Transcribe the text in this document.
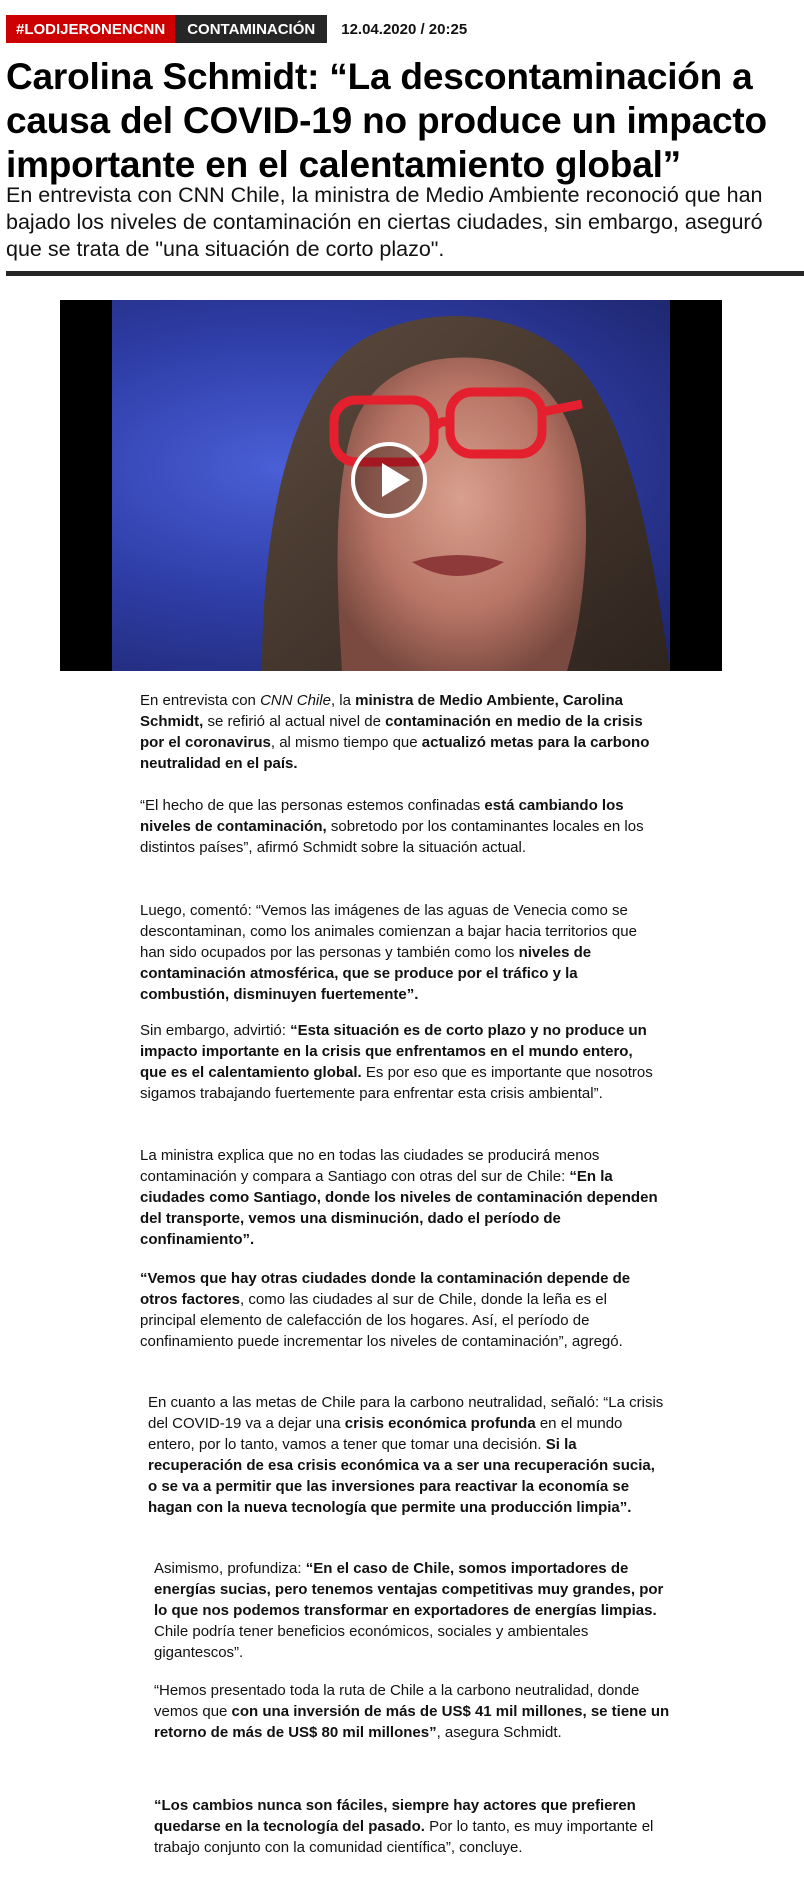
#LODIJERONENCNN	CONTAMINACIÓN	12.04.2020 / 20:25
Carolina Schmidt: “La descontaminación a causa del COVID-19 no produce un impacto importante en el calentamiento global”

En entrevista con CNN Chile, la ministra de Medio Ambiente reconoció que han bajado los niveles de contaminación en ciertas ciudades, sin embargo, aseguró que se trata de "una situación de corto plazo".

En entrevista con CNN Chile, la ministra de Medio Ambiente, Carolina Schmidt, se refirió al actual nivel de contaminación en medio de la crisis por el coronavirus, al mismo tiempo que actualizó metas para la carbono neutralidad en el país.

“El hecho de que las personas estemos confinadas está cambiando los niveles de contaminación, sobretodo por los contaminantes locales en los distintos países”, afirmó Schmidt sobre la situación actual.

Luego, comentó: “Vemos las imágenes de las aguas de Venecia como se descontaminan, como los animales comienzan a bajar hacia territorios que han sido ocupados por las personas y también como los niveles de contaminación atmosférica, que se produce por el tráfico y la combustión, disminuyen fuertemente”.

Sin embargo, advirtió: “Esta situación es de corto plazo y no produce un impacto importante en la crisis que enfrentamos en el mundo entero, que es el calentamiento global. Es por eso que es importante que nosotros sigamos trabajando fuertemente para enfrentar esta crisis ambiental”.

La ministra explica que no en todas las ciudades se producirá menos contaminación y compara a Santiago con otras del sur de Chile: “En la ciudades como Santiago, donde los niveles de contaminación dependen del transporte, vemos una disminución, dado el período de confinamiento”.

“Vemos que hay otras ciudades donde la contaminación depende de otros factores, como las ciudades al sur de Chile, donde la leña es el principal elemento de calefacción de los hogares. Así, el período de confinamiento puede incrementar los niveles de contaminación”, agregó.

En cuanto a las metas de Chile para la carbono neutralidad, señaló: “La crisis del COVID-19 va a dejar una crisis económica profunda en el mundo entero, por lo tanto, vamos a tener que tomar una decisión. Si la recuperación de esa crisis económica va a ser una recuperación sucia, o se va a permitir que las inversiones para reactivar la economía se hagan con la nueva tecnología que permite una producción limpia”.

Asimismo, profundiza: “En el caso de Chile, somos importadores de energías sucias, pero tenemos ventajas competitivas muy grandes, por lo que nos podemos transformar en exportadores de energías limpias. Chile podría tener beneficios económicos, sociales y ambientales gigantescos”.

“Hemos presentado toda la ruta de Chile a la carbono neutralidad, donde vemos que con una inversión de más de US$ 41 mil millones, se tiene un retorno de más de US$ 80 mil millones”, asegura Schmidt.

“Los cambios nunca son fáciles, siempre hay actores que prefieren quedarse en la tecnología del pasado. Por lo tanto, es muy importante el trabajo conjunto con la comunidad científica”, concluye.
